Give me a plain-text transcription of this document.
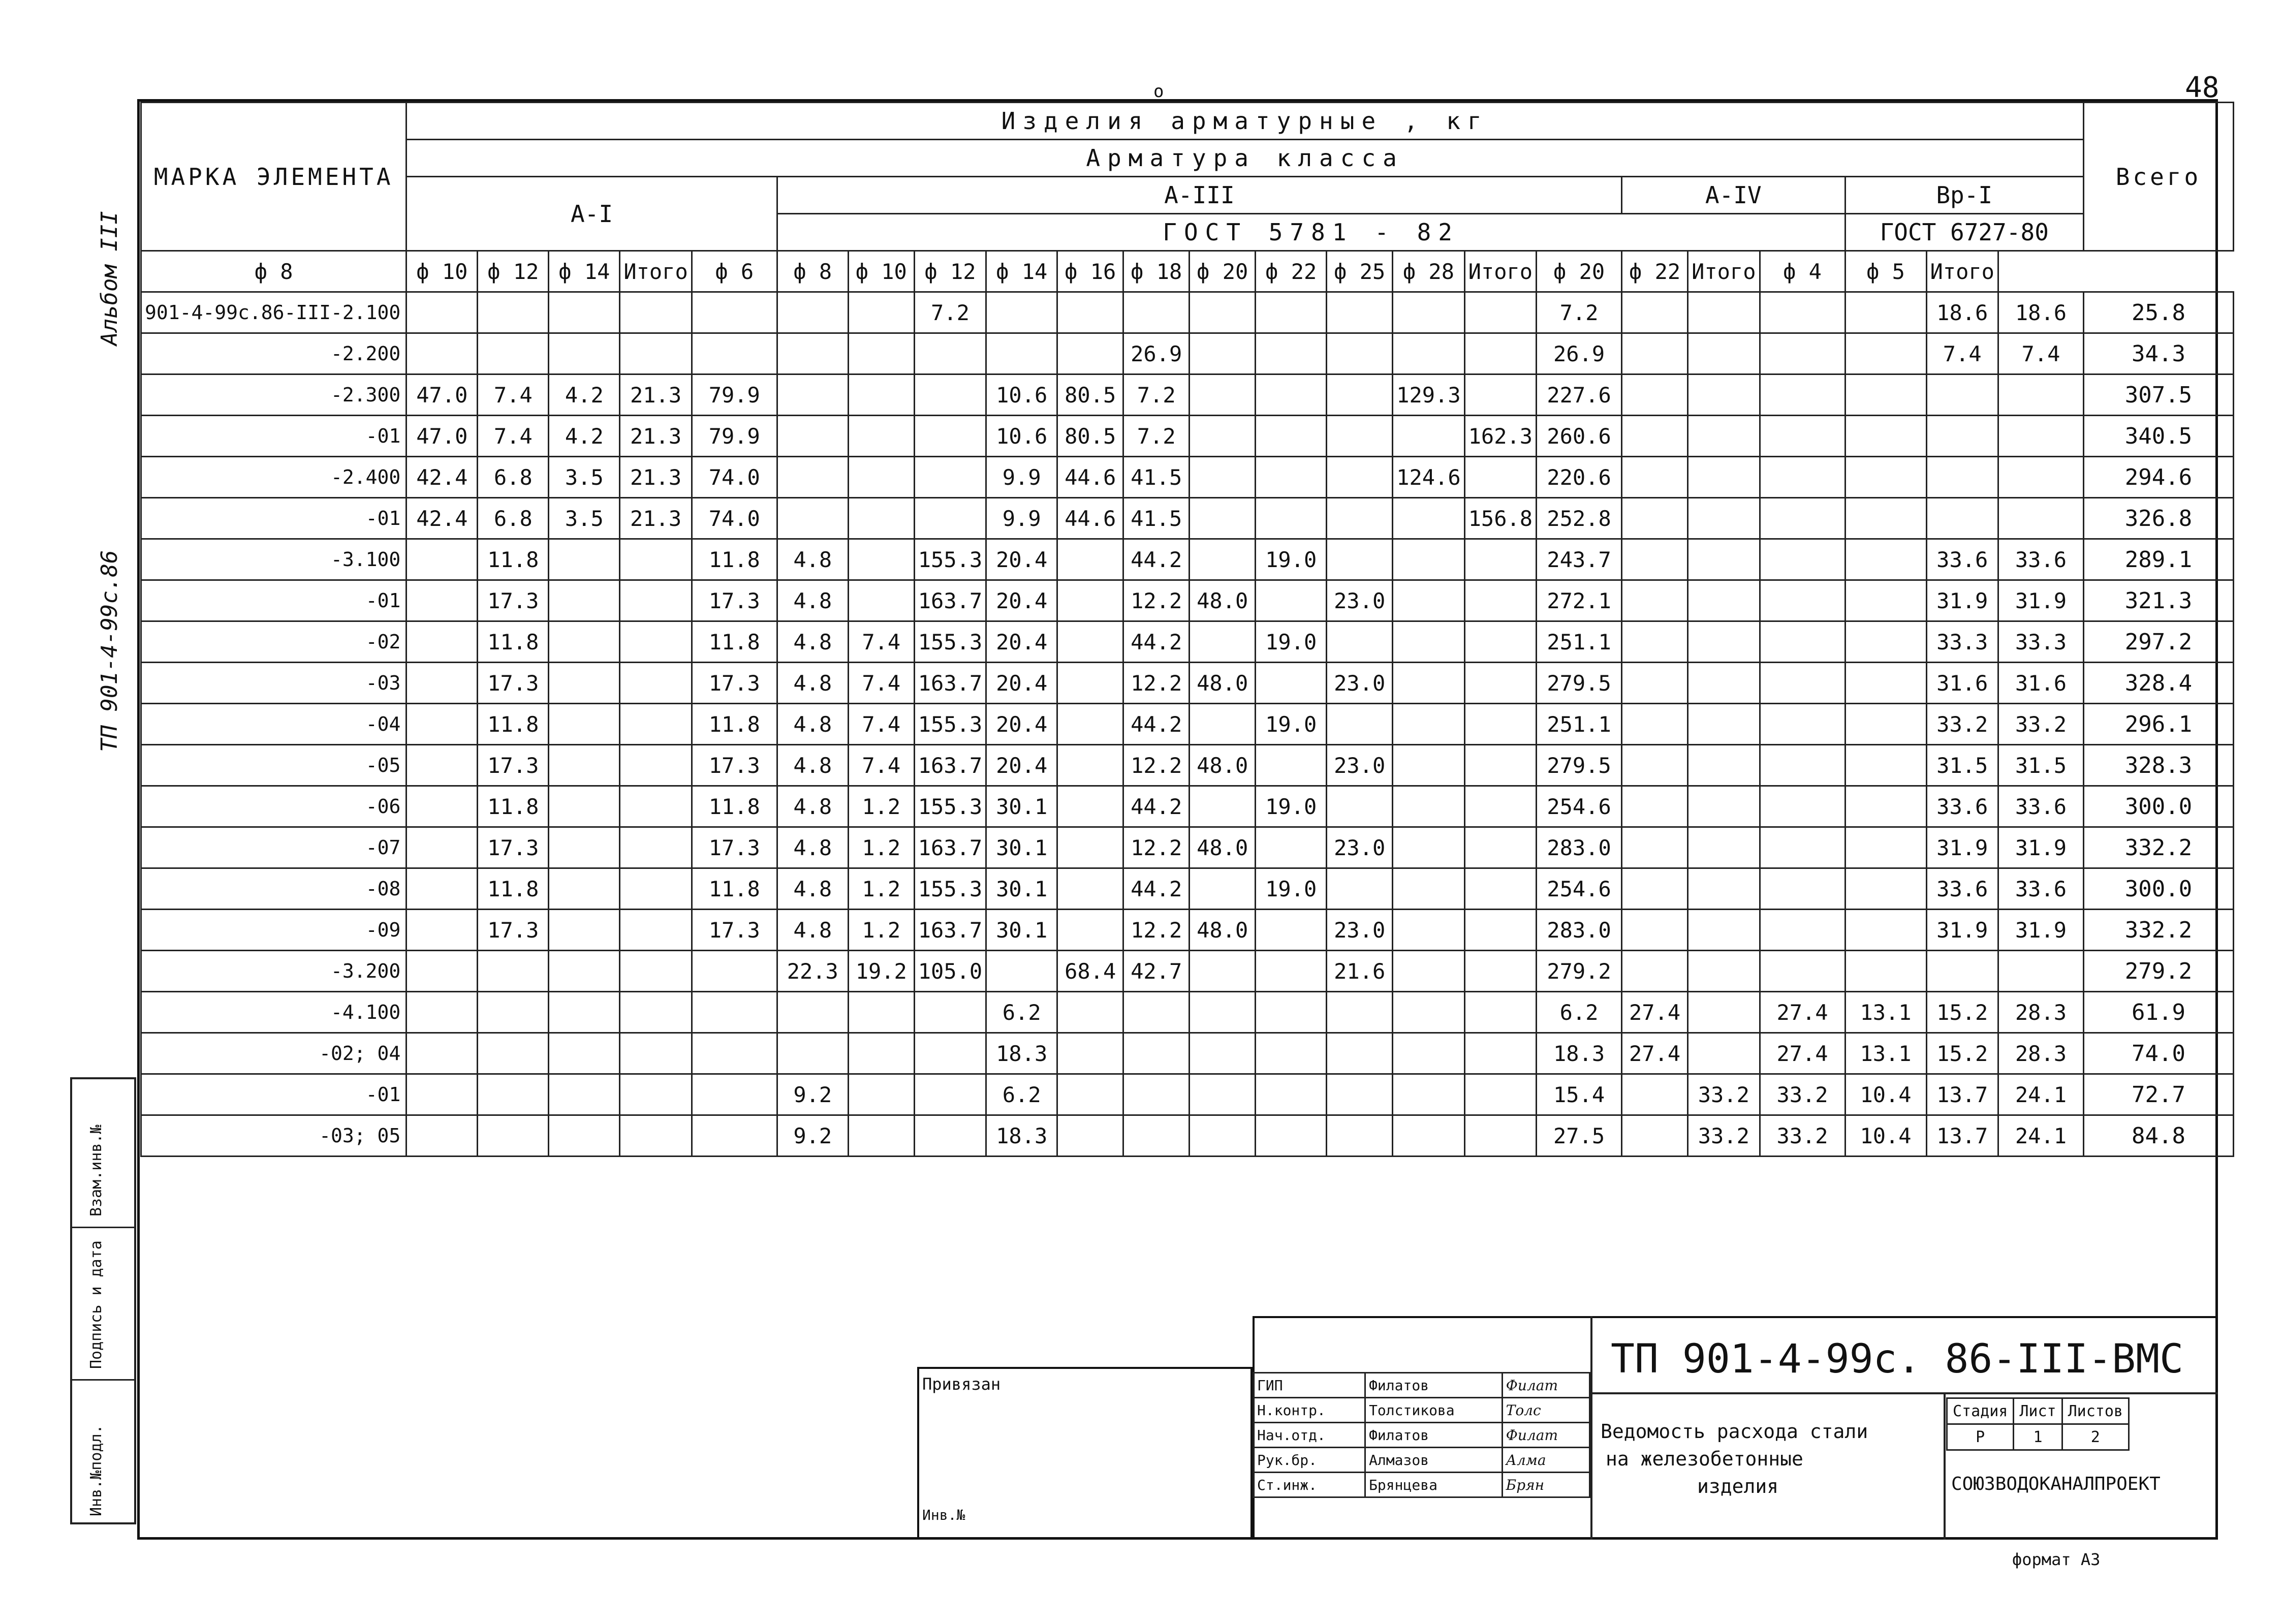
48
о
Альбом III
ТП 901-4-99с.86
МАРКА ЭЛЕМЕНТА	Изделия арматурные , кг																							Всего
	Арматура класса																							
	A-I					A-III												A-IV			Bp-I			
						ГОСТ 5781 - 82															ГОСТ 6727-80			
ф 8	ф 10	ф 12	ф 14	Итого	ф 6	ф 8	ф 10	ф 12	ф 14	ф 16	ф 18	ф 20	ф 22	ф 25	ф 28	Итого	ф 20	ф 22	Итого	ф 4	ф 5	Итого		
901-4-99с.86-III-2.100								7.2									7.2					18.6	18.6	25.8
-2.200											26.9						26.9					7.4	7.4	34.3
-2.300	47.0	7.4	4.2	21.3	79.9				10.6	80.5	7.2				129.3		227.6							307.5
-01	47.0	7.4	4.2	21.3	79.9				10.6	80.5	7.2					162.3	260.6							340.5
-2.400	42.4	6.8	3.5	21.3	74.0				9.9	44.6	41.5				124.6		220.6							294.6
-01	42.4	6.8	3.5	21.3	74.0				9.9	44.6	41.5					156.8	252.8							326.8
-3.100		11.8			11.8	4.8		155.3	20.4		44.2		19.0				243.7					33.6	33.6	289.1
-01		17.3			17.3	4.8		163.7	20.4		12.2	48.0		23.0			272.1					31.9	31.9	321.3
-02		11.8			11.8	4.8	7.4	155.3	20.4		44.2		19.0				251.1					33.3	33.3	297.2
-03		17.3			17.3	4.8	7.4	163.7	20.4		12.2	48.0		23.0			279.5					31.6	31.6	328.4
-04		11.8			11.8	4.8	7.4	155.3	20.4		44.2		19.0				251.1					33.2	33.2	296.1
-05		17.3			17.3	4.8	7.4	163.7	20.4		12.2	48.0		23.0			279.5					31.5	31.5	328.3
-06		11.8			11.8	4.8	1.2	155.3	30.1		44.2		19.0				254.6					33.6	33.6	300.0
-07		17.3			17.3	4.8	1.2	163.7	30.1		12.2	48.0		23.0			283.0					31.9	31.9	332.2
-08		11.8			11.8	4.8	1.2	155.3	30.1		44.2		19.0				254.6					33.6	33.6	300.0
-09		17.3			17.3	4.8	1.2	163.7	30.1		12.2	48.0		23.0			283.0					31.9	31.9	332.2
-3.200						22.3	19.2	105.0		68.4	42.7			21.6			279.2							279.2
-4.100									6.2								6.2	27.4		27.4	13.1	15.2	28.3	61.9
-02; 04									18.3								18.3	27.4		27.4	13.1	15.2	28.3	74.0
-01						9.2			6.2								15.4		33.2	33.2	10.4	13.7	24.1	72.7
-03; 05						9.2			18.3								27.5		33.2	33.2	10.4	13.7	24.1	84.8
Взам.инв.№
Подпись и дата
Инв.№подл.
Привязан
Инв.№
ГИП	Филатов	Филат
Н.контр.	Толстикова	Толс
Нач.отд.	Филатов	Филат
Рук.бр.	Алмазов	Алма
Ст.инж.	Брянцева	Брян
ТП 901-4-99с. 86-III-ВМС
Ведомость расхода стали
на железобетонные
изделия
Стадия	Лист	Листов
Р	1	2
СОЮЗВОДОКАНАЛПРОЕКТ
формат А3
